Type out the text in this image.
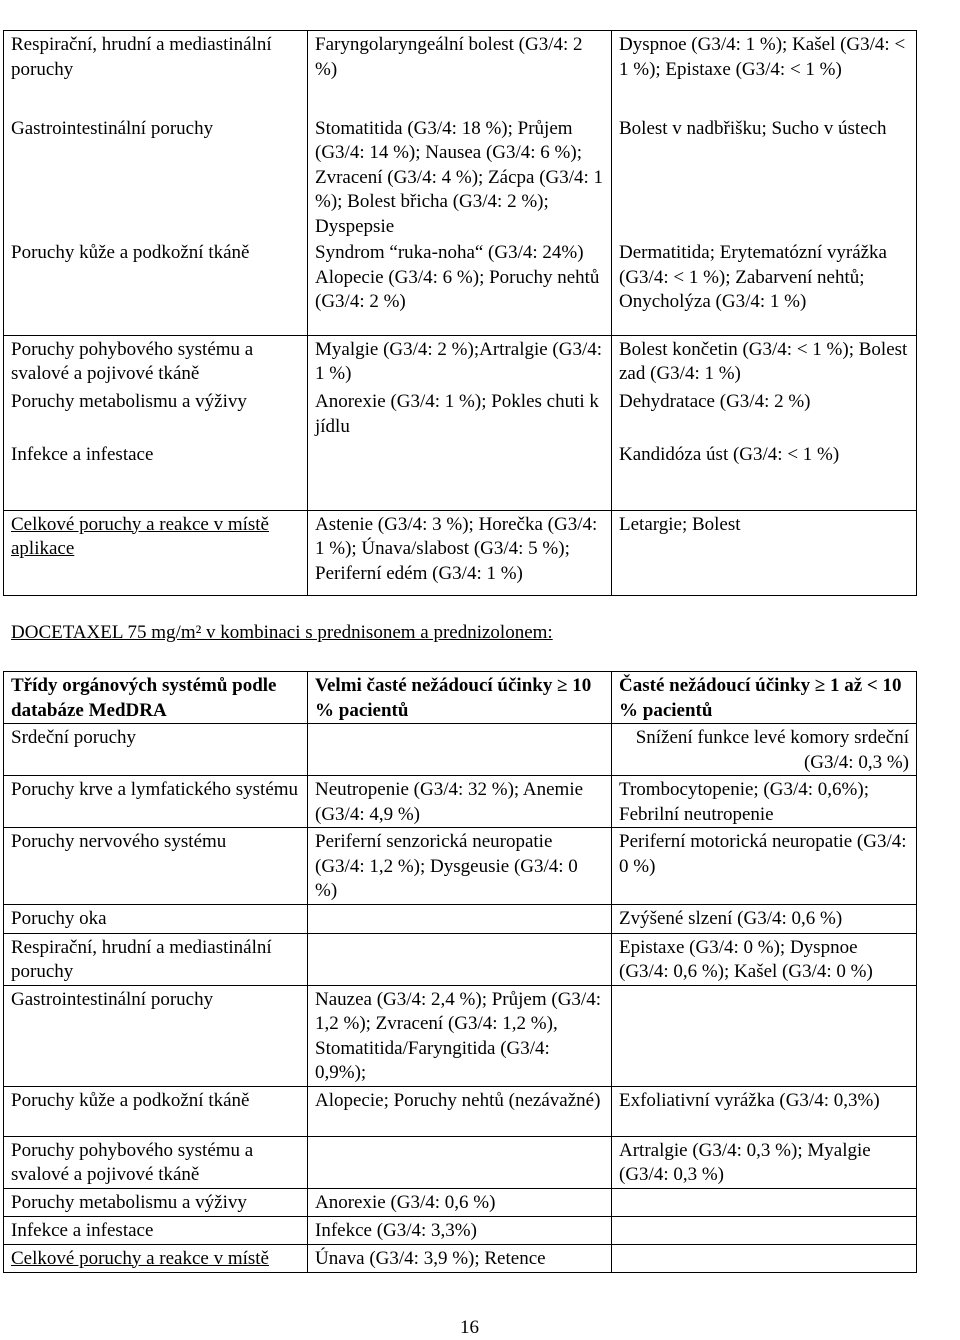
Respirační, hrudní a mediastinální poruchy	Faryngolaryngeální bolest (G3/4: 2 %)	Dyspnoe (G3/4: 1 %); Kašel (G3/4: < 1 %); Epistaxe (G3/4: < 1 %)
Gastrointestinální poruchy	Stomatitida (G3/4: 18 %); Průjem (G3/4: 14 %); Nausea (G3/4: 6 %); Zvracení (G3/4: 4 %); Zácpa (G3/4: 1 %); Bolest břicha (G3/4: 2 %); Dyspepsie	Bolest v nadbřišku; Sucho v ústech
Poruchy kůže a podkožní tkáně	Syndrom “ruka-noha“ (G3/4: 24%) Alopecie (G3/4: 6 %); Poruchy nehtů (G3/4: 2 %)	Dermatitida; Erytematózní vyrážka (G3/4: < 1 %); Zabarvení nehtů; Onycholýza (G3/4: 1 %)
Poruchy pohybového systému a svalové a pojivové tkáně	Myalgie (G3/4: 2 %);Artralgie (G3/4: 1 %)	Bolest končetin (G3/4: < 1 %); Bolest zad (G3/4: 1 %)
Poruchy metabolismu a výživy	Anorexie (G3/4: 1 %); Pokles chuti k jídlu	Dehydratace (G3/4: 2 %)
Infekce a infestace		Kandidóza úst (G3/4: < 1 %)
Celkové poruchy a reakce v místě aplikace	Astenie (G3/4: 3 %); Horečka (G3/4: 1 %); Únava/slabost (G3/4: 5 %); Periferní edém (G3/4: 1 %)	Letargie; Bolest
DOCETAXEL 75 mg/m² v kombinaci s prednisonem a prednizolonem:
Třídy orgánových systémů podle databáze MedDRA	Velmi časté nežádoucí účinky ≥ 10 % pacientů	Časté nežádoucí účinky ≥ 1 až < 10 % pacientů
Srdeční poruchy		Snížení funkce levé komory srdeční (G3/4: 0,3 %)
Poruchy krve a lymfatického systému	Neutropenie (G3/4: 32 %); Anemie (G3/4: 4,9 %)	Trombocytopenie; (G3/4: 0,6%); Febrilní neutropenie
Poruchy nervového systému	Periferní senzorická neuropatie (G3/4: 1,2 %); Dysgeusie (G3/4: 0 %)	Periferní motorická neuropatie (G3/4: 0 %)
Poruchy oka		Zvýšené slzení (G3/4: 0,6 %)
Respirační, hrudní a mediastinální poruchy		Epistaxe (G3/4: 0 %); Dyspnoe (G3/4: 0,6 %); Kašel (G3/4: 0 %)
Gastrointestinální poruchy	Nauzea (G3/4: 2,4 %); Průjem (G3/4: 1,2 %); Zvracení (G3/4: 1,2 %), Stomatitida/Faryngitida (G3/4: 0,9%);	
Poruchy kůže a podkožní tkáně	Alopecie; Poruchy nehtů (nezávažné)	Exfoliativní vyrážka (G3/4: 0,3%)
Poruchy pohybového systému a svalové a pojivové tkáně		Artralgie (G3/4: 0,3 %); Myalgie (G3/4: 0,3 %)
Poruchy metabolismu a výživy	Anorexie (G3/4: 0,6 %)	
Infekce a infestace	Infekce (G3/4: 3,3%)	
Celkové poruchy a reakce v místě	Únava (G3/4: 3,9 %); Retence	
16
